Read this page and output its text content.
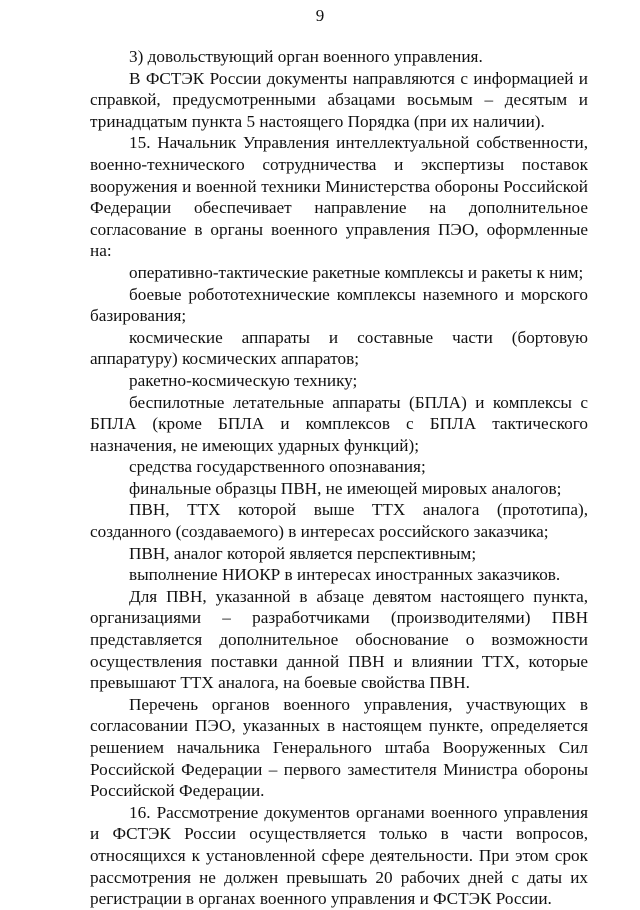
9

3) довольствующий орган военного управления.

В ФСТЭК России документы направляются с информацией и справкой, предусмотренными абзацами восьмым – десятым и тринадцатым пункта 5 настоящего Порядка (при их наличии).

15. Начальник Управления интеллектуальной собственности, военно-технического сотрудничества и экспертизы поставок вооружения и военной техники Министерства обороны Российской Федерации обеспечивает направление на дополнительное согласование в органы военного управления ПЭО, оформленные на:

оперативно-тактические ракетные комплексы и ракеты к ним;

боевые робототехнические комплексы наземного и морского базирования;

космические аппараты и составные части (бортовую аппаратуру) космических аппаратов;

ракетно-космическую технику;

беспилотные летательные аппараты (БПЛА) и комплексы с БПЛА (кроме БПЛА и комплексов с БПЛА тактического назначения, не имеющих ударных функций);

средства государственного опознавания;

финальные образцы ПВН, не имеющей мировых аналогов;

ПВН, ТТХ которой выше ТТХ аналога (прототипа), созданного (создаваемого) в интересах российского заказчика;

ПВН, аналог которой является перспективным;

выполнение НИОКР в интересах иностранных заказчиков.

Для ПВН, указанной в абзаце девятом настоящего пункта, организациями – разработчиками (производителями) ПВН представляется дополнительное обоснование о возможности осуществления поставки данной ПВН и влиянии ТТХ, которые превышают ТТХ аналога, на боевые свойства ПВН.

Перечень органов военного управления, участвующих в согласовании ПЭО, указанных в настоящем пункте, определяется решением начальника Генерального штаба Вооруженных Сил Российской Федерации – первого заместителя Министра обороны Российской Федерации.

16. Рассмотрение документов органами военного управления и ФСТЭК России осуществляется только в части вопросов, относящихся к установленной сфере деятельности. При этом срок рассмотрения не должен превышать 20 рабочих дней с даты их регистрации в органах военного управления и ФСТЭК России.
